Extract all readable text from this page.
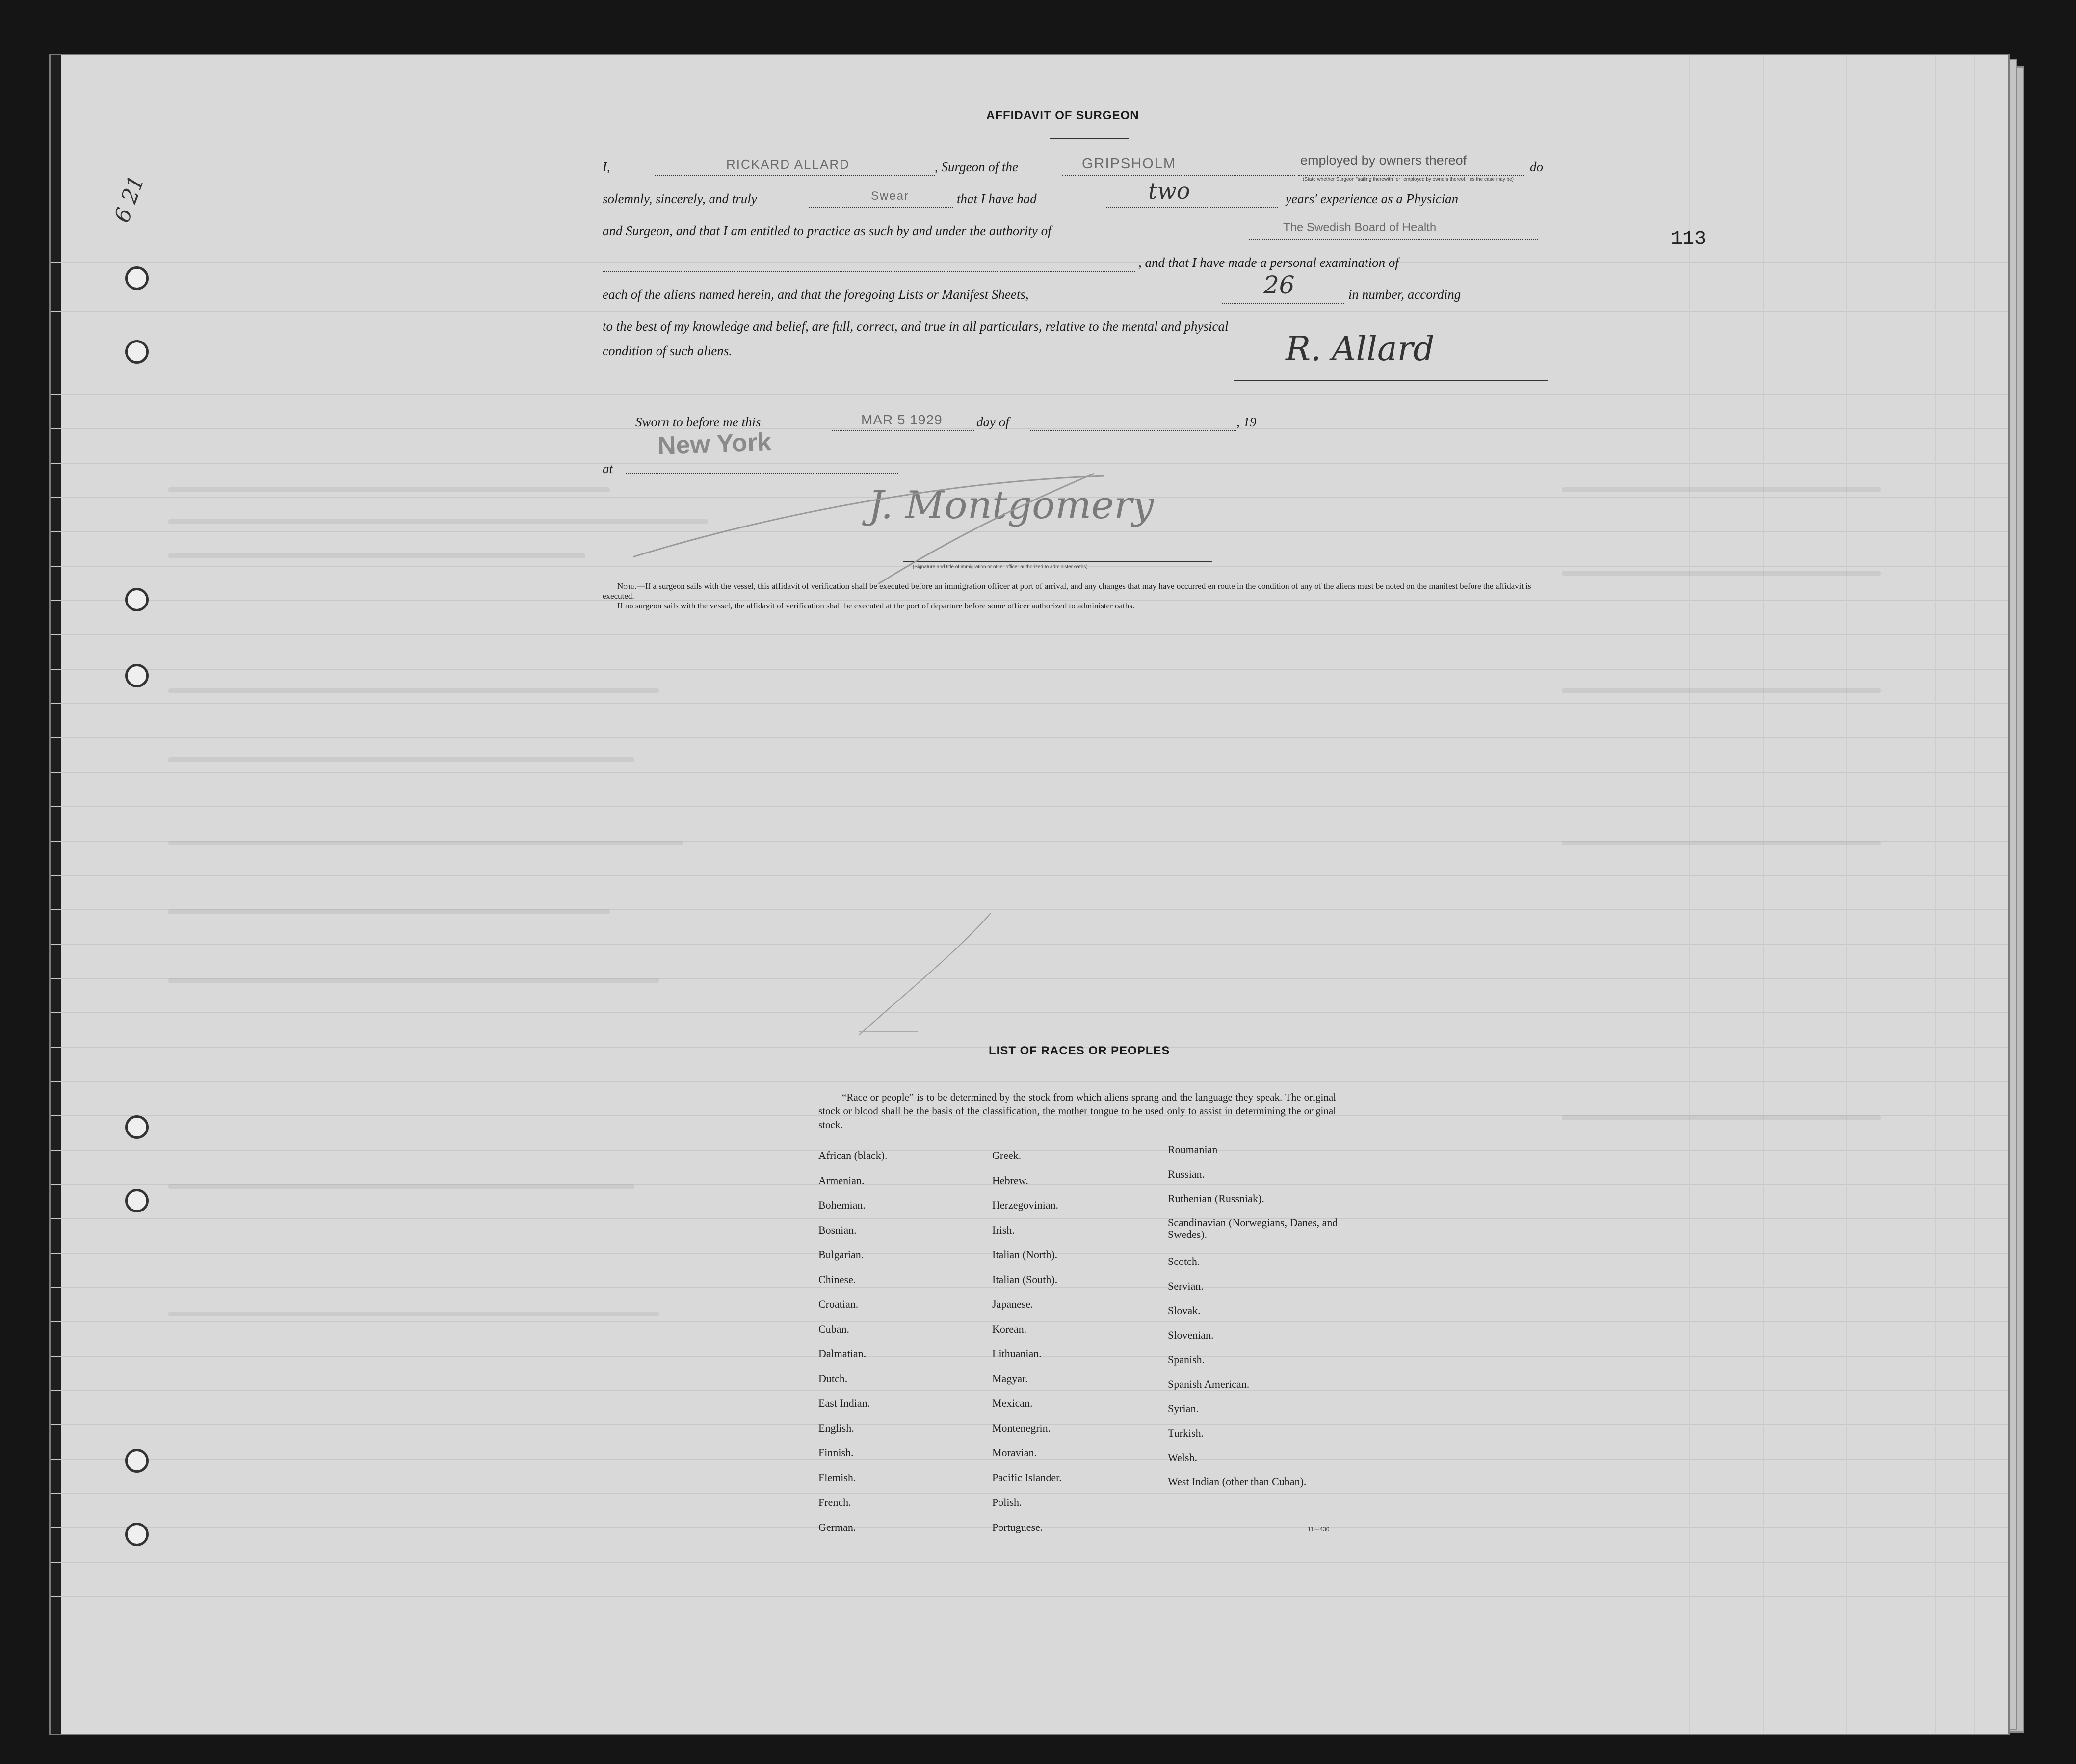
6 21
113
AFFIDAVIT OF SURGEON
I,	RICKARD ALLARD	, Surgeon of the	GRIPSHOLM	employed by owners thereof
(State whether Surgeon "sailing therewith" or "employed by owners thereof," as the case may be)
do
solemnly, sincerely, and truly	Swear	that I have had	two	years' experience as a Physician
and Surgeon, and that I am entitled to practice as such by and under the authority of	The Swedish Board of Health
, and that I have made a personal examination of
each of the aliens named herein, and that the foregoing Lists or Manifest Sheets,	26	in number, according
to the best of my knowledge and belief, are full, correct, and true in all particulars, relative to the mental and physical
condition of such aliens.	R. Allard
Sworn to before me this	MAR 5 1929	day of	, 19
at
New York
J. Montgomery
(Signature and title of immigration or other officer authorized to administer oaths)
Note.—If a surgeon sails with the vessel, this affidavit of verification shall be executed before an immigration officer at port of arrival, and any changes that may have occurred en route in the condition of any of the aliens must be noted on the manifest before the affidavit is executed.
If no surgeon sails with the vessel, the affidavit of verification shall be executed at the port of departure before some officer authorized to administer oaths.
LIST OF RACES OR PEOPLES
“Race or people” is to be determined by the stock from which aliens sprang and the language they speak. The original stock or blood shall be the basis of the classification, the mother tongue to be used only to assist in determining the original stock.
African (black).
Armenian.
Bohemian.
Bosnian.
Bulgarian.
Chinese.
Croatian.
Cuban.
Dalmatian.
Dutch.
East Indian.
English.
Finnish.
Flemish.
French.
German.
Greek.
Hebrew.
Herzegovinian.
Irish.
Italian (North).
Italian (South).
Japanese.
Korean.
Lithuanian.
Magyar.
Mexican.
Montenegrin.
Moravian.
Pacific Islander.
Polish.
Portuguese.
Roumanian
Russian.
Ruthenian (Russniak).
Scandinavian (Norwegians, Danes, and Swedes).
Scotch.
Servian.
Slovak.
Slovenian.
Spanish.
Spanish American.
Syrian.
Turkish.
Welsh.
West Indian (other than Cuban).
11—430
